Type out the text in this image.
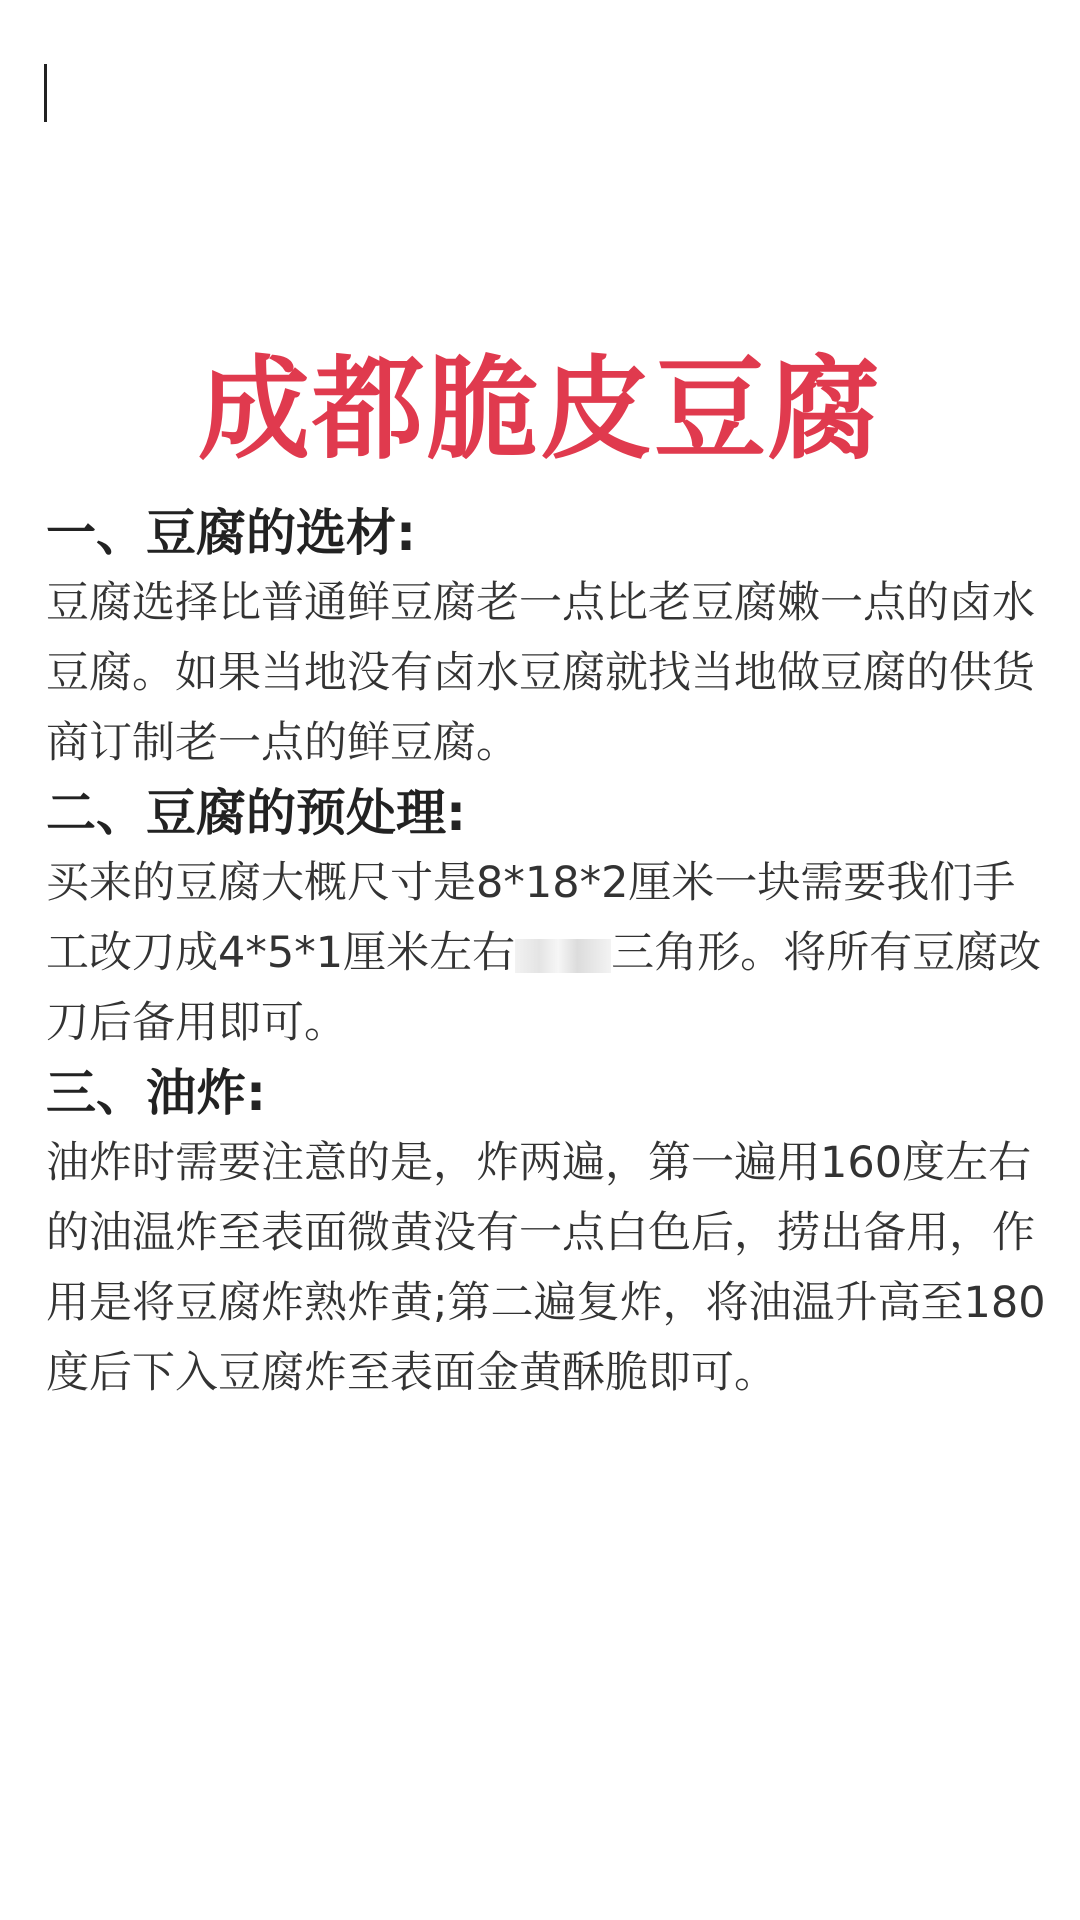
成都脆皮豆腐

一、豆腐的选材:

豆腐选择比普通鲜豆腐老一点比老豆腐嫩一点的卤水豆腐。如果当地没有卤水豆腐就找当地做豆腐的供货商订制老一点的鲜豆腐。

二、豆腐的预处理:

买来的豆腐大概尺寸是8*18*2厘米一块需要我们手工改刀成4*5*1厘米左右 三角形。将所有豆腐改刀后备用即可。

三、油炸:

油炸时需要注意的是，炸两遍，第一遍用160度左右的油温炸至表面微黄没有一点白色后，捞出备用，作用是将豆腐炸熟炸黄;第二遍复炸，将油温升高至180度后下入豆腐炸至表面金黄酥脆即可。
